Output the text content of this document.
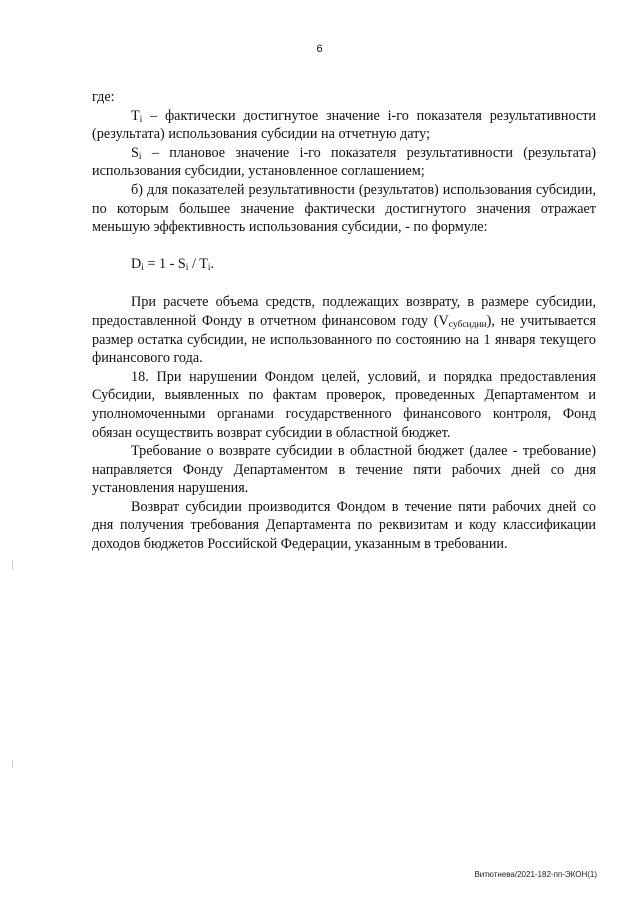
6

где:

$T_i$ – фактически достигнутое значение i-го показателя результативности (результата) использования субсидии на отчетную дату;

$S_i$ – плановое значение i-го показателя результативности (результата) использования субсидии, установленное соглашением;

б) для показателей результативности (результатов) использования субсидии, по которым большее значение фактически достигнутого значения отражает меньшую эффективность использования субсидии, - по формуле:

$D_i = 1 - S_i / T_i$.

При расчете объема средств, подлежащих возврату, в размере субсидии, предоставленной Фонду в отчетном финансовом году $(V_{субсидии})$, не учитывается размер остатка субсидии, не использованного по состоянию на 1 января текущего финансового года.

18. При нарушении Фондом целей, условий, и порядка предоставления Субсидии, выявленных по фактам проверок, проведенных Департаментом и уполномоченными органами государственного финансового контроля, Фонд обязан осуществить возврат субсидии в областной бюджет.

Требование о возврате субсидии в областной бюджет (далее - требование) направляется Фонду Департаментом в течение пяти рабочих дней со дня установления нарушения.

Возврат субсидии производится Фондом в течение пяти рабочих дней со дня получения требования Департамента по реквизитам и коду классификации доходов бюджетов Российской Федерации, указанным в требовании.

Витютнева/2021-182-пп-ЭКОН(1)
